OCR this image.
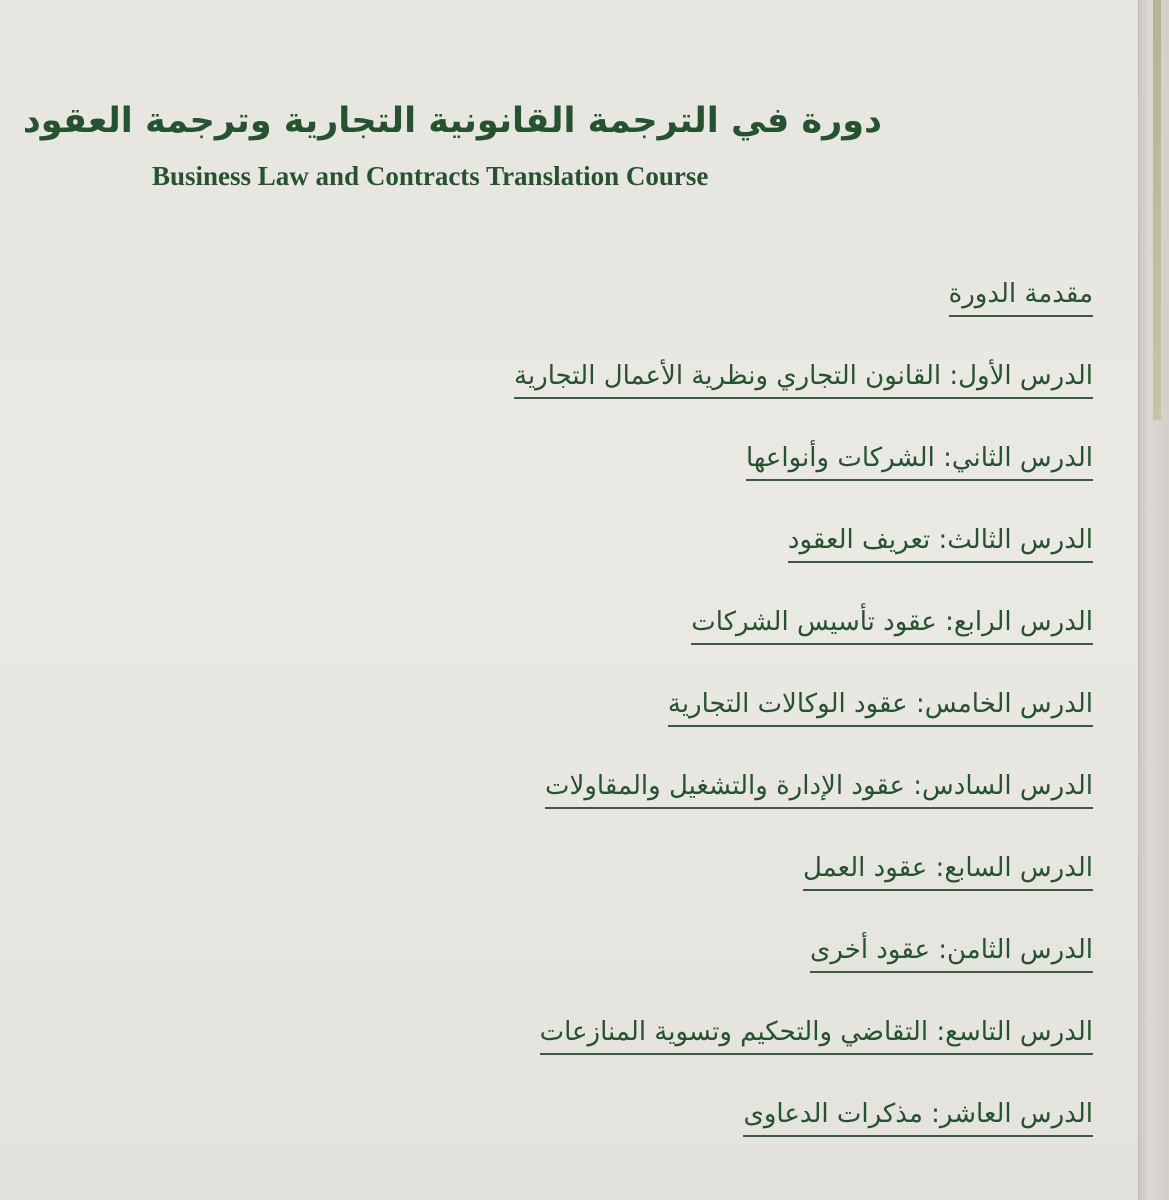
دورة في الترجمة القانونية التجارية وترجمة العقود
Business Law and Contracts Translation Course
مقدمة الدورة
الدرس الأول: القانون التجاري ونظرية الأعمال التجارية
الدرس الثاني: الشركات وأنواعها
الدرس الثالث: تعريف العقود
الدرس الرابع: عقود تأسيس الشركات
الدرس الخامس: عقود الوكالات التجارية
الدرس السادس: عقود الإدارة والتشغيل والمقاولات
الدرس السابع: عقود العمل
الدرس الثامن: عقود أخرى
الدرس التاسع: التقاضي والتحكيم وتسوية المنازعات
الدرس العاشر: مذكرات الدعاوى
